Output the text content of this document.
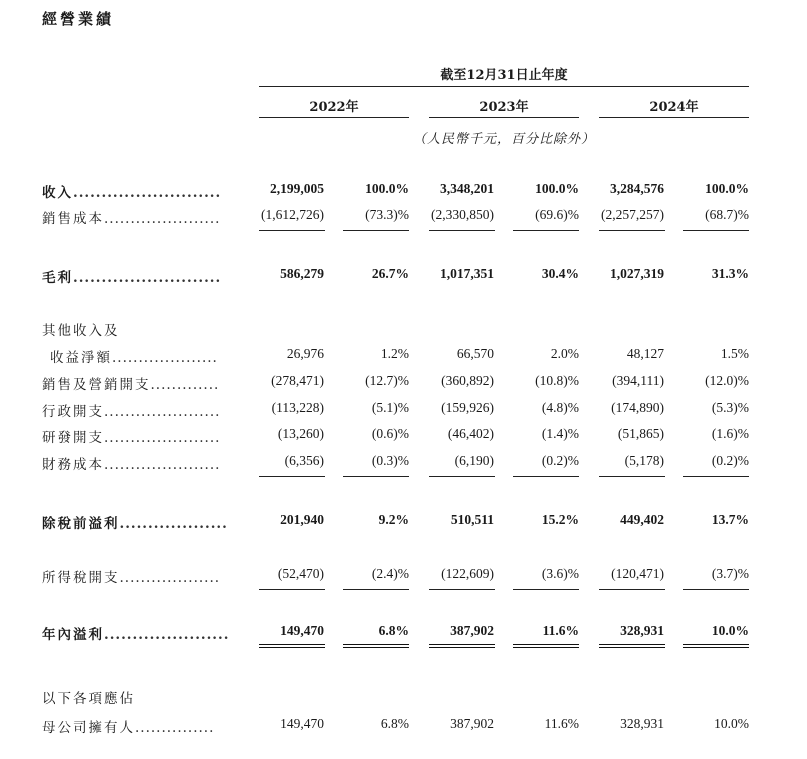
經營業績
截至12月31日止年度
2022年	2023年	2024年
（人民幣千元，百分比除外）
收入..........................	2,199,005	100.0%	3,348,201	100.0%	3,284,576	100.0%
銷售成本......................	(1,612,726)	(73.3)%	(2,330,850)	(69.6)%	(2,257,257)	(68.7)%
毛利..........................	586,279	26.7%	1,017,351	30.4%	1,027,319	31.3%
其他收入及
收益淨額....................	26,976	1.2%	66,570	2.0%	48,127	1.5%
銷售及營銷開支.............	(278,471)	(12.7)%	(360,892)	(10.8)%	(394,111)	(12.0)%
行政開支......................	(113,228)	(5.1)%	(159,926)	(4.8)%	(174,890)	(5.3)%
研發開支......................	(13,260)	(0.6)%	(46,402)	(1.4)%	(51,865)	(1.6)%
財務成本......................	(6,356)	(0.3)%	(6,190)	(0.2)%	(5,178)	(0.2)%
除稅前溢利...................	201,940	9.2%	510,511	15.2%	449,402	13.7%
所得稅開支...................	(52,470)	(2.4)%	(122,609)	(3.6)%	(120,471)	(3.7)%
年內溢利......................	149,470	6.8%	387,902	11.6%	328,931	10.0%
以下各項應佔
母公司擁有人...............	149,470	6.8%	387,902	11.6%	328,931	10.0%
